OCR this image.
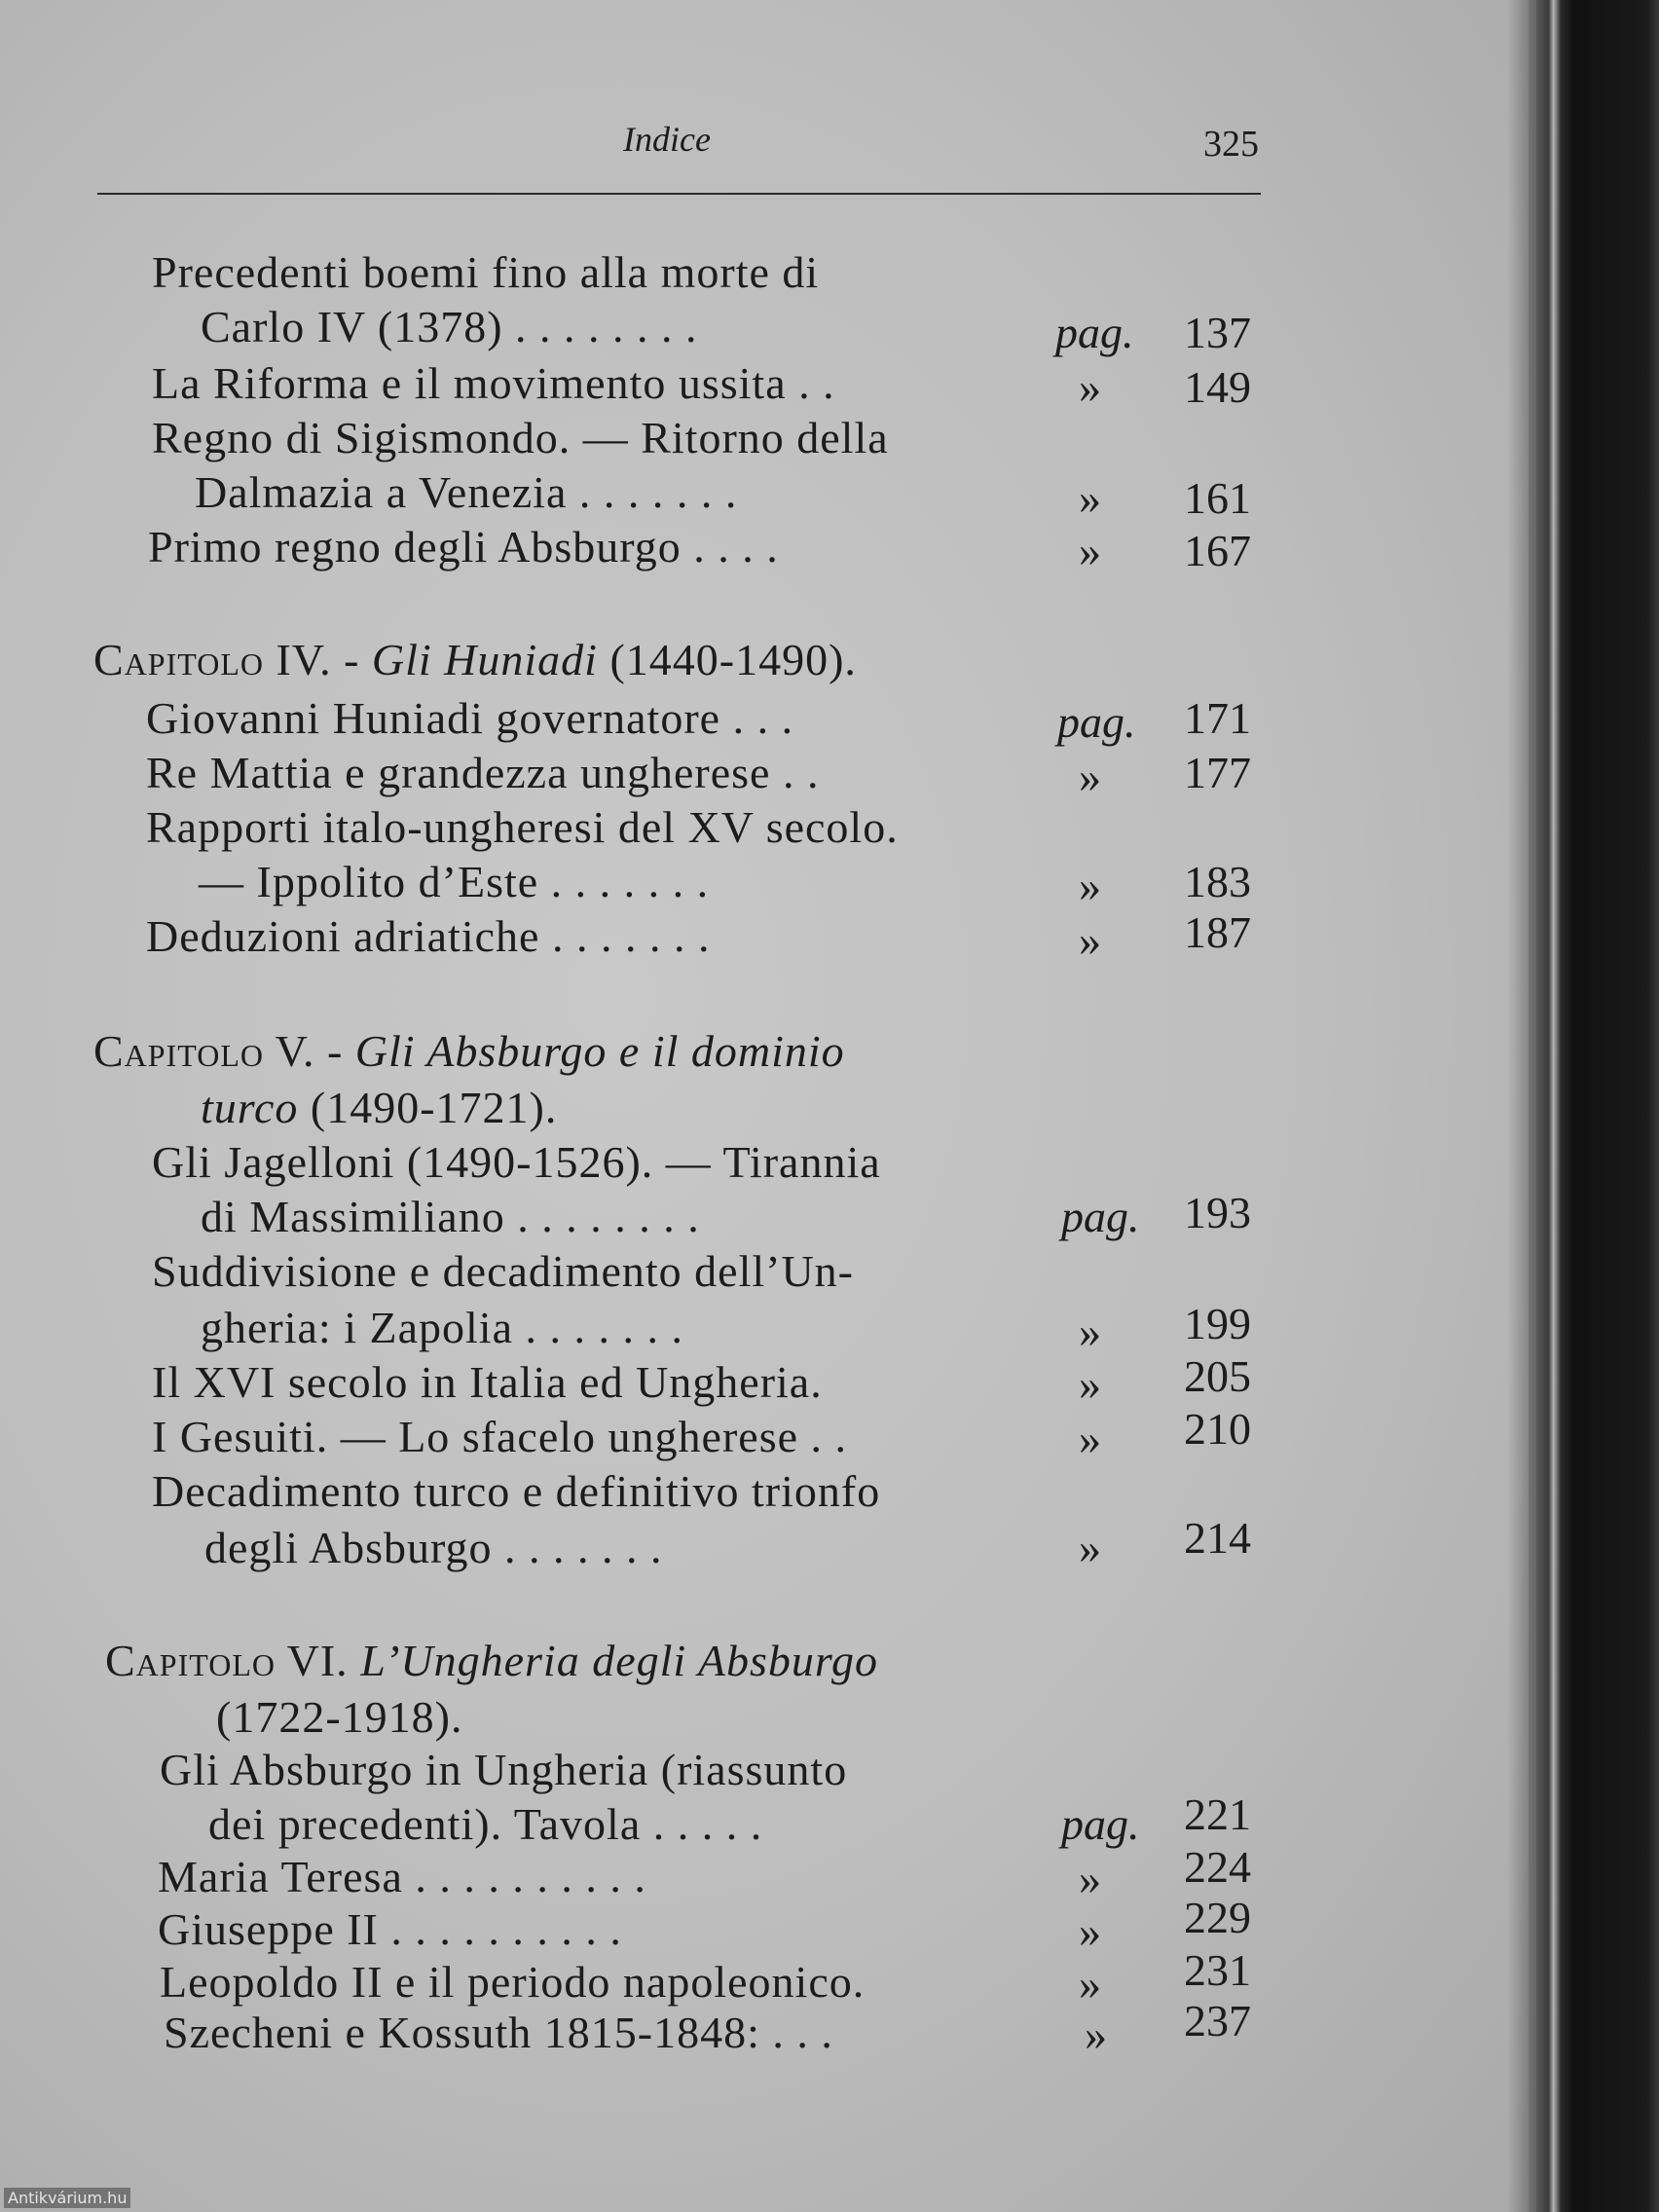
Indice	325
Precedenti boemi fino alla morte di
Carlo IV (1378) . . . . . . . .	pag. 137
La Riforma e il movimento ussita . .	» 149
Regno di Sigismondo. — Ritorno della
Dalmazia a Venezia . . . . . . .	» 161
Primo regno degli Absburgo . . . .	» 167
Capitolo IV. - Gli Huniadi (1440-1490).
Giovanni Huniadi governatore . . .	pag. 171
Re Mattia e grandezza ungherese . .	» 177
Rapporti italo-ungheresi del XV secolo.
— Ippolito d’Este . . . . . . .	» 183
Deduzioni adriatiche . . . . . . .	» 187
Capitolo V. - Gli Absburgo e il dominio
turco (1490-1721).
Gli Jagelloni (1490-1526). — Tirannia
di Massimiliano . . . . . . . .	pag. 193
Suddivisione e decadimento dell’Un-
gheria: i Zapolia . . . . . . .	» 199
Il XVI secolo in Italia ed Ungheria.	» 205
I Gesuiti. — Lo sfacelo ungherese . .	» 210
Decadimento turco e definitivo trionfo
degli Absburgo . . . . . . .	» 214
Capitolo VI. L’Ungheria degli Absburgo
(1722-1918).
Gli Absburgo in Ungheria (riassunto
dei precedenti). Tavola . . . . .	pag. 221
Maria Teresa . . . . . . . . . .	» 224
Giuseppe II . . . . . . . . . .	» 229
Leopoldo II e il periodo napoleonico.	» 231
Szecheni e Kossuth 1815-1848: . . .	» 237
Antikvárium.hu
